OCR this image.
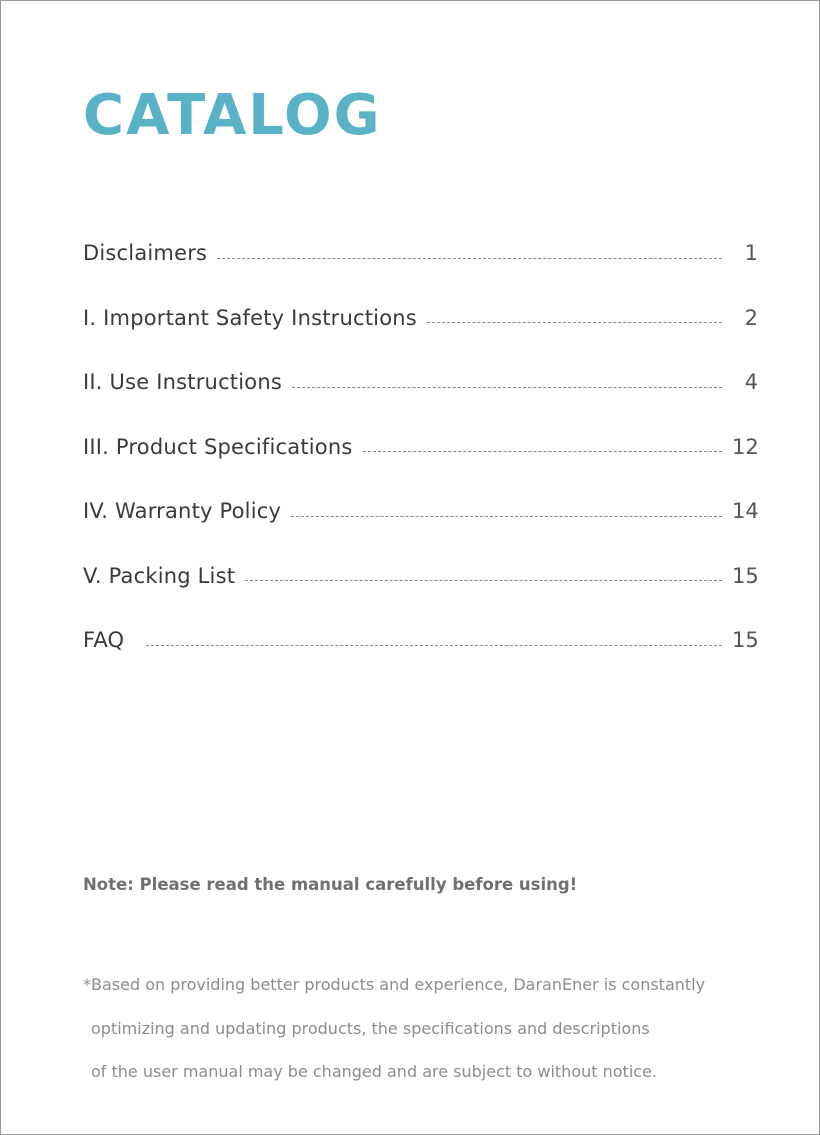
CATALOG
Disclaimers	1
I. Important Safety Instructions	2
II. Use Instructions	4
III. Product Specifications	12
IV. Warranty Policy	14
V. Packing List	15
FAQ	15

Note: Please read the manual carefully before using!

*Based on providing better products and experience, DaranEner is constantly
optimizing and updating products, the specifications and descriptions
of the user manual may be changed and are subject to without notice.
